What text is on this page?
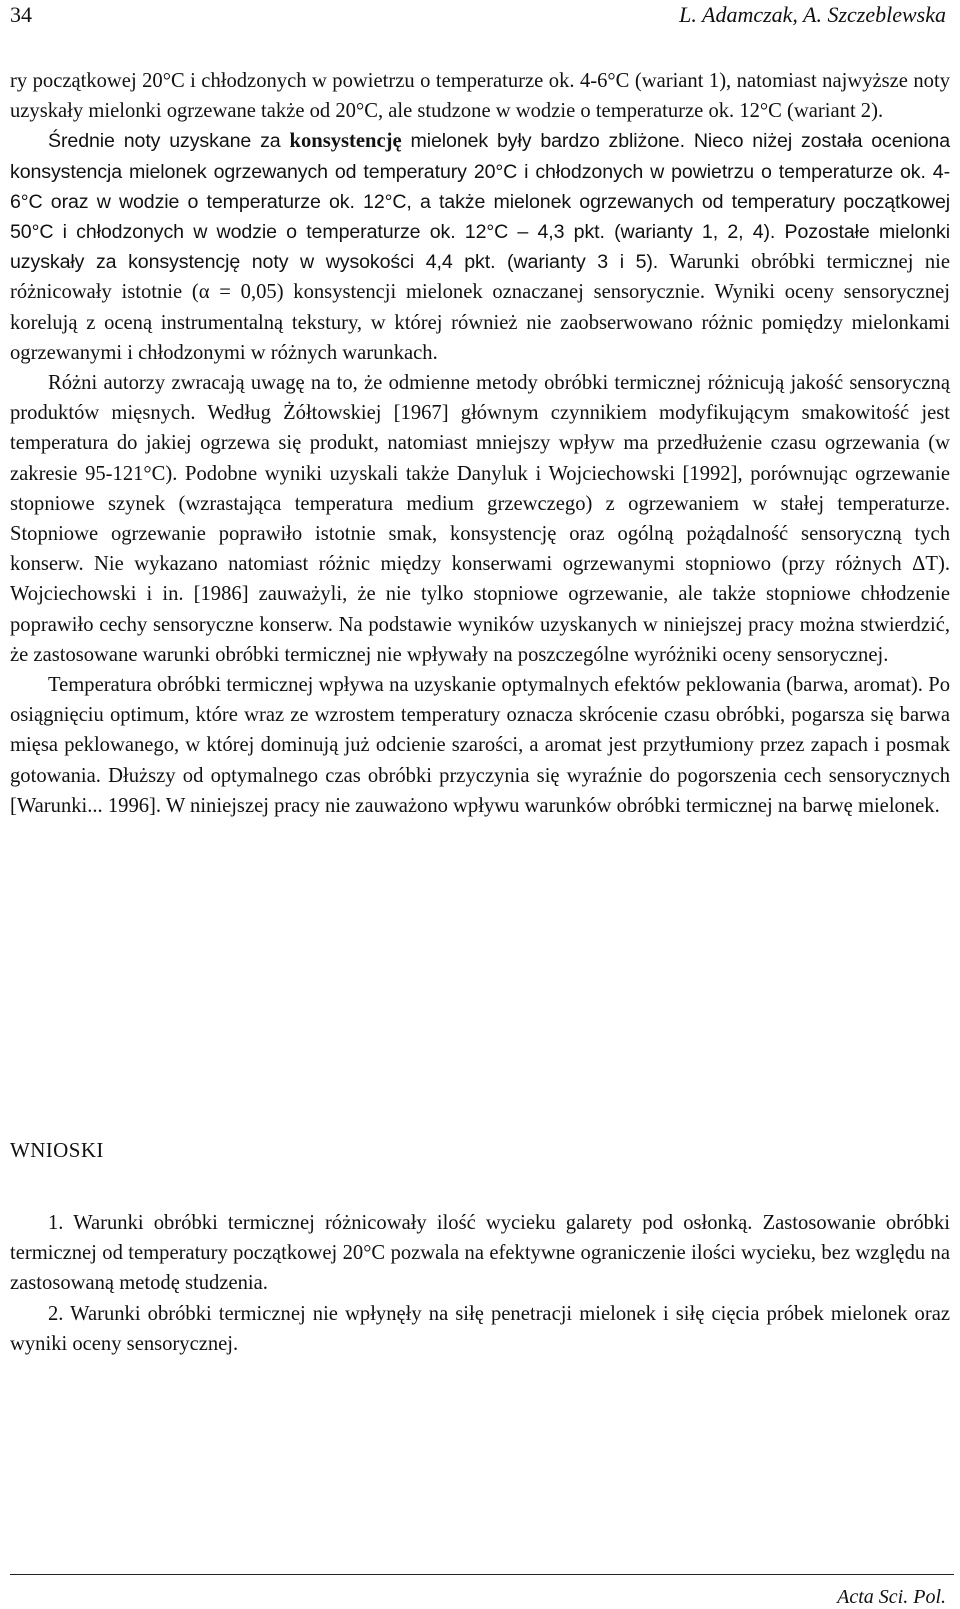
34	L. Adamczak, A. Szczeblewska

ry początkowej 20°C i chłodzonych w powietrzu o temperaturze ok. 4-6°C (wariant 1), natomiast najwyższe noty uzyskały mielonki ogrzewane także od 20°C, ale studzone w wodzie o temperaturze ok. 12°C (wariant 2).

Średnie noty uzyskane za konsystencję mielonek były bardzo zbliżone. Nieco niżej została oceniona konsystencja mielonek ogrzewanych od temperatury 20°C i chłodzonych w powietrzu o temperaturze ok. 4-6°C oraz w wodzie o temperaturze ok. 12°C, a także mielonek ogrzewanych od temperatury początkowej 50°C i chłodzonych w wodzie o temperaturze ok. 12°C – 4,3 pkt. (warianty 1, 2, 4). Pozostałe mielonki uzyskały za konsystencję noty w wysokości 4,4 pkt. (warianty 3 i 5). Warunki obróbki termicznej nie różnicowały istotnie (α = 0,05) konsystencji mielonek oznaczanej sensorycznie. Wyniki oceny sensorycznej korelują z oceną instrumentalną tekstury, w której również nie zaobserwowano różnic pomiędzy mielonkami ogrzewanymi i chłodzonymi w różnych warunkach.

Różni autorzy zwracają uwagę na to, że odmienne metody obróbki termicznej różnicują jakość sensoryczną produktów mięsnych. Według Żółtowskiej [1967] głównym czynnikiem modyfikującym smakowitość jest temperatura do jakiej ogrzewa się produkt, natomiast mniejszy wpływ ma przedłużenie czasu ogrzewania (w zakresie 95-121°C). Podobne wyniki uzyskali także Danyluk i Wojciechowski [1992], porównując ogrzewanie stopniowe szynek (wzrastająca temperatura medium grzewczego) z ogrzewaniem w stałej temperaturze. Stopniowe ogrzewanie poprawiło istotnie smak, konsystencję oraz ogólną pożądalność sensoryczną tych konserw. Nie wykazano natomiast różnic między konserwami ogrzewanymi stopniowo (przy różnych ΔT). Wojciechowski i in. [1986] zauważyli, że nie tylko stopniowe ogrzewanie, ale także stopniowe chłodzenie poprawiło cechy sensoryczne konserw. Na podstawie wyników uzyskanych w niniejszej pracy można stwierdzić, że zastosowane warunki obróbki termicznej nie wpływały na poszczególne wyróżniki oceny sensorycznej.

Temperatura obróbki termicznej wpływa na uzyskanie optymalnych efektów peklowania (barwa, aromat). Po osiągnięciu optimum, które wraz ze wzrostem temperatury oznacza skrócenie czasu obróbki, pogarsza się barwa mięsa peklowanego, w której dominują już odcienie szarości, a aromat jest przytłumiony przez zapach i posmak gotowania. Dłuższy od optymalnego czas obróbki przyczynia się wyraźnie do pogorszenia cech sensorycznych [Warunki... 1996]. W niniejszej pracy nie zauważono wpływu warunków obróbki termicznej na barwę mielonek.

WNIOSKI

1. Warunki obróbki termicznej różnicowały ilość wycieku galarety pod osłonką. Zastosowanie obróbki termicznej od temperatury początkowej 20°C pozwala na efektywne ograniczenie ilości wycieku, bez względu na zastosowaną metodę studzenia.

2. Warunki obróbki termicznej nie wpłynęły na siłę penetracji mielonek i siłę cięcia próbek mielonek oraz wyniki oceny sensorycznej.

Acta Sci. Pol.
